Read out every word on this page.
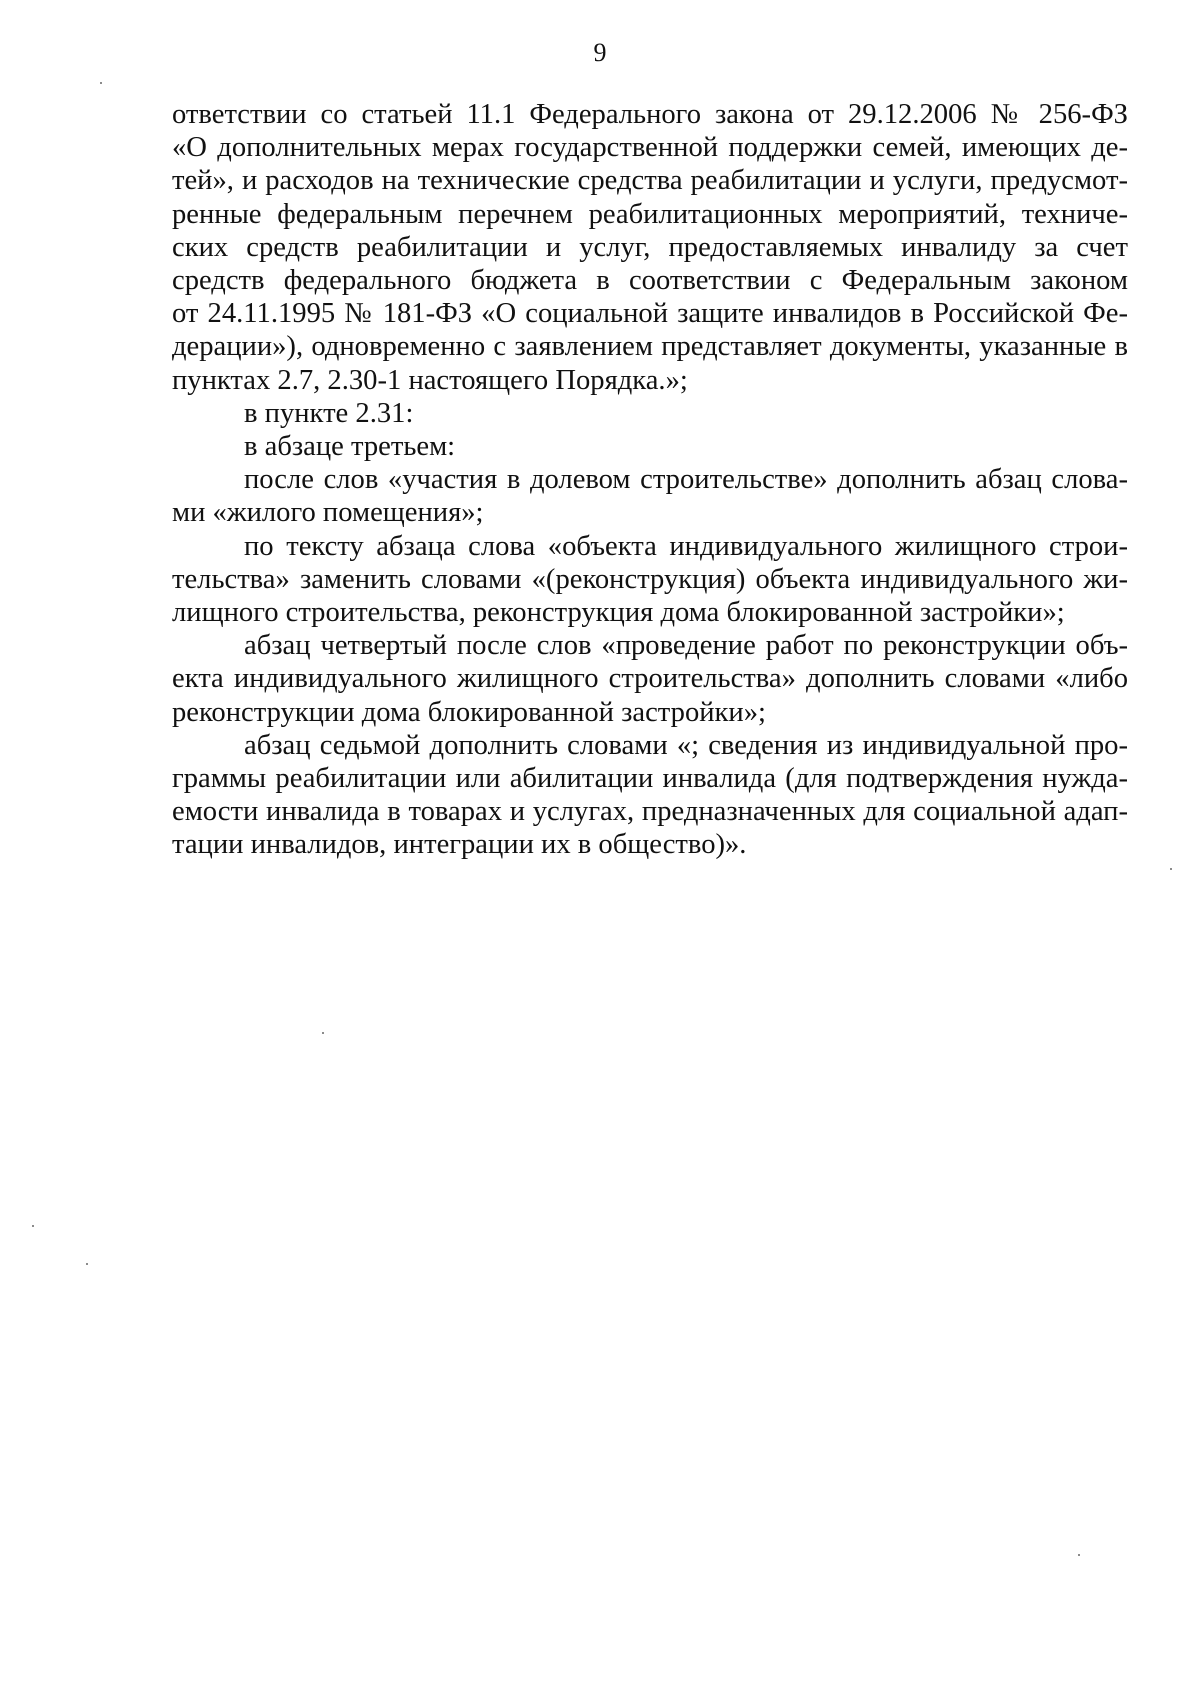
9
ответствии со статьей 11.1 Федерального закона от 29.12.2006 № 256-ФЗ
«О дополнительных мерах государственной поддержки семей, имеющих де-
тей», и расходов на технические средства реабилитации и услуги, предусмот-
ренные федеральным перечнем реабилитационных мероприятий, техниче-
ских средств реабилитации и услуг, предоставляемых инвалиду за счет
средств федерального бюджета в соответствии с Федеральным законом
от 24.11.1995 № 181-ФЗ «О социальной защите инвалидов в Российской Фе-
дерации»), одновременно с заявлением представляет документы, указанные в
пунктах 2.7, 2.30-1 настоящего Порядка.»;
в пункте 2.31:
в абзаце третьем:
после слов «участия в долевом строительстве» дополнить абзац слова-
ми «жилого помещения»;
по тексту абзаца слова «объекта индивидуального жилищного строи-
тельства» заменить словами «(реконструкция) объекта индивидуального жи-
лищного строительства, реконструкция дома блокированной застройки»;
абзац четвертый после слов «проведение работ по реконструкции объ-
екта индивидуального жилищного строительства» дополнить словами «либо
реконструкции дома блокированной застройки»;
абзац седьмой дополнить словами «; сведения из индивидуальной про-
граммы реабилитации или абилитации инвалида (для подтверждения нужда-
емости инвалида в товарах и услугах, предназначенных для социальной адап-
тации инвалидов, интеграции их в общество)».
